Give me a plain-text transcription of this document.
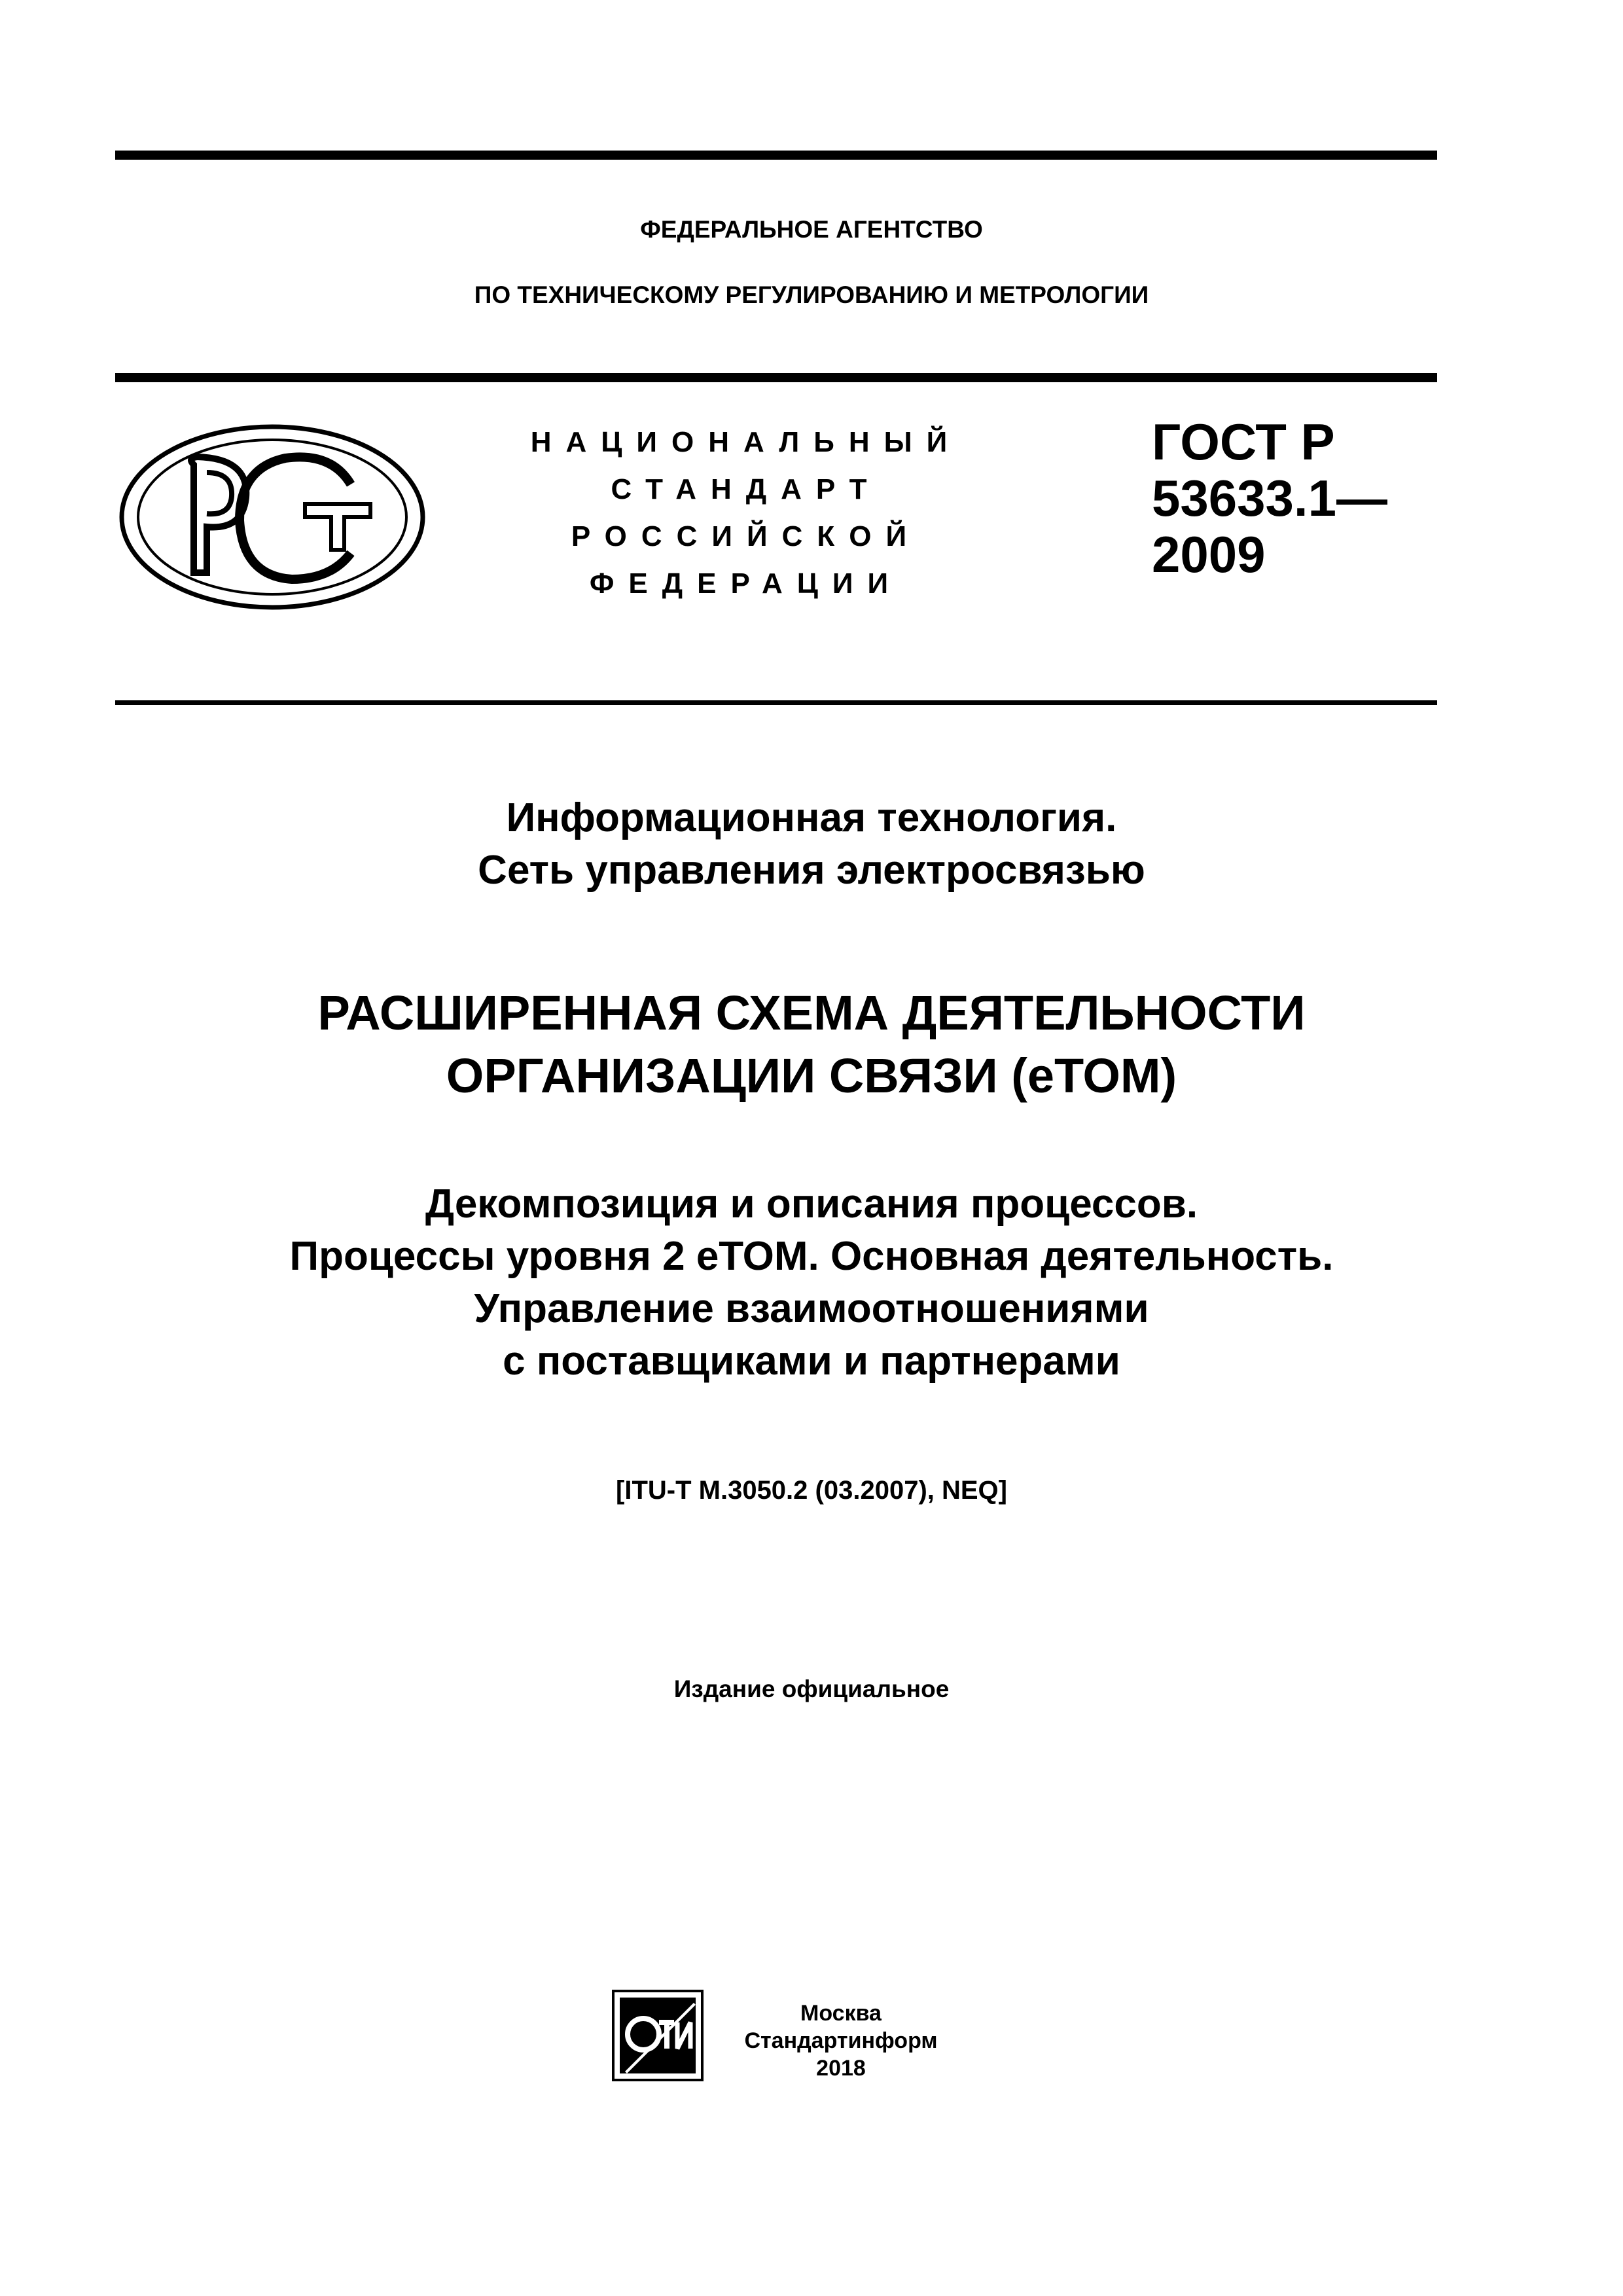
ФЕДЕРАЛЬНОЕ АГЕНТСТВО
ПО ТЕХНИЧЕСКОМУ РЕГУЛИРОВАНИЮ И МЕТРОЛОГИИ
НАЦИОНАЛЬНЫЙ
СТАНДАРТ
РОССИЙСКОЙ
ФЕДЕРАЦИИ
ГОСТ Р
53633.1—
2009
Информационная технология.
Сеть управления электросвязью
РАСШИРЕННАЯ СХЕМА ДЕЯТЕЛЬНОСТИ
ОРГАНИЗАЦИИ СВЯЗИ (еТОМ)
Декомпозиция и описания процессов.
Процессы уровня 2 еТОМ. Основная деятельность.
Управление взаимоотношениями
с поставщиками и партнерами
[ITU-T M.3050.2 (03.2007), NEQ]
Издание официальное
Москва
Стандартинформ
2018
